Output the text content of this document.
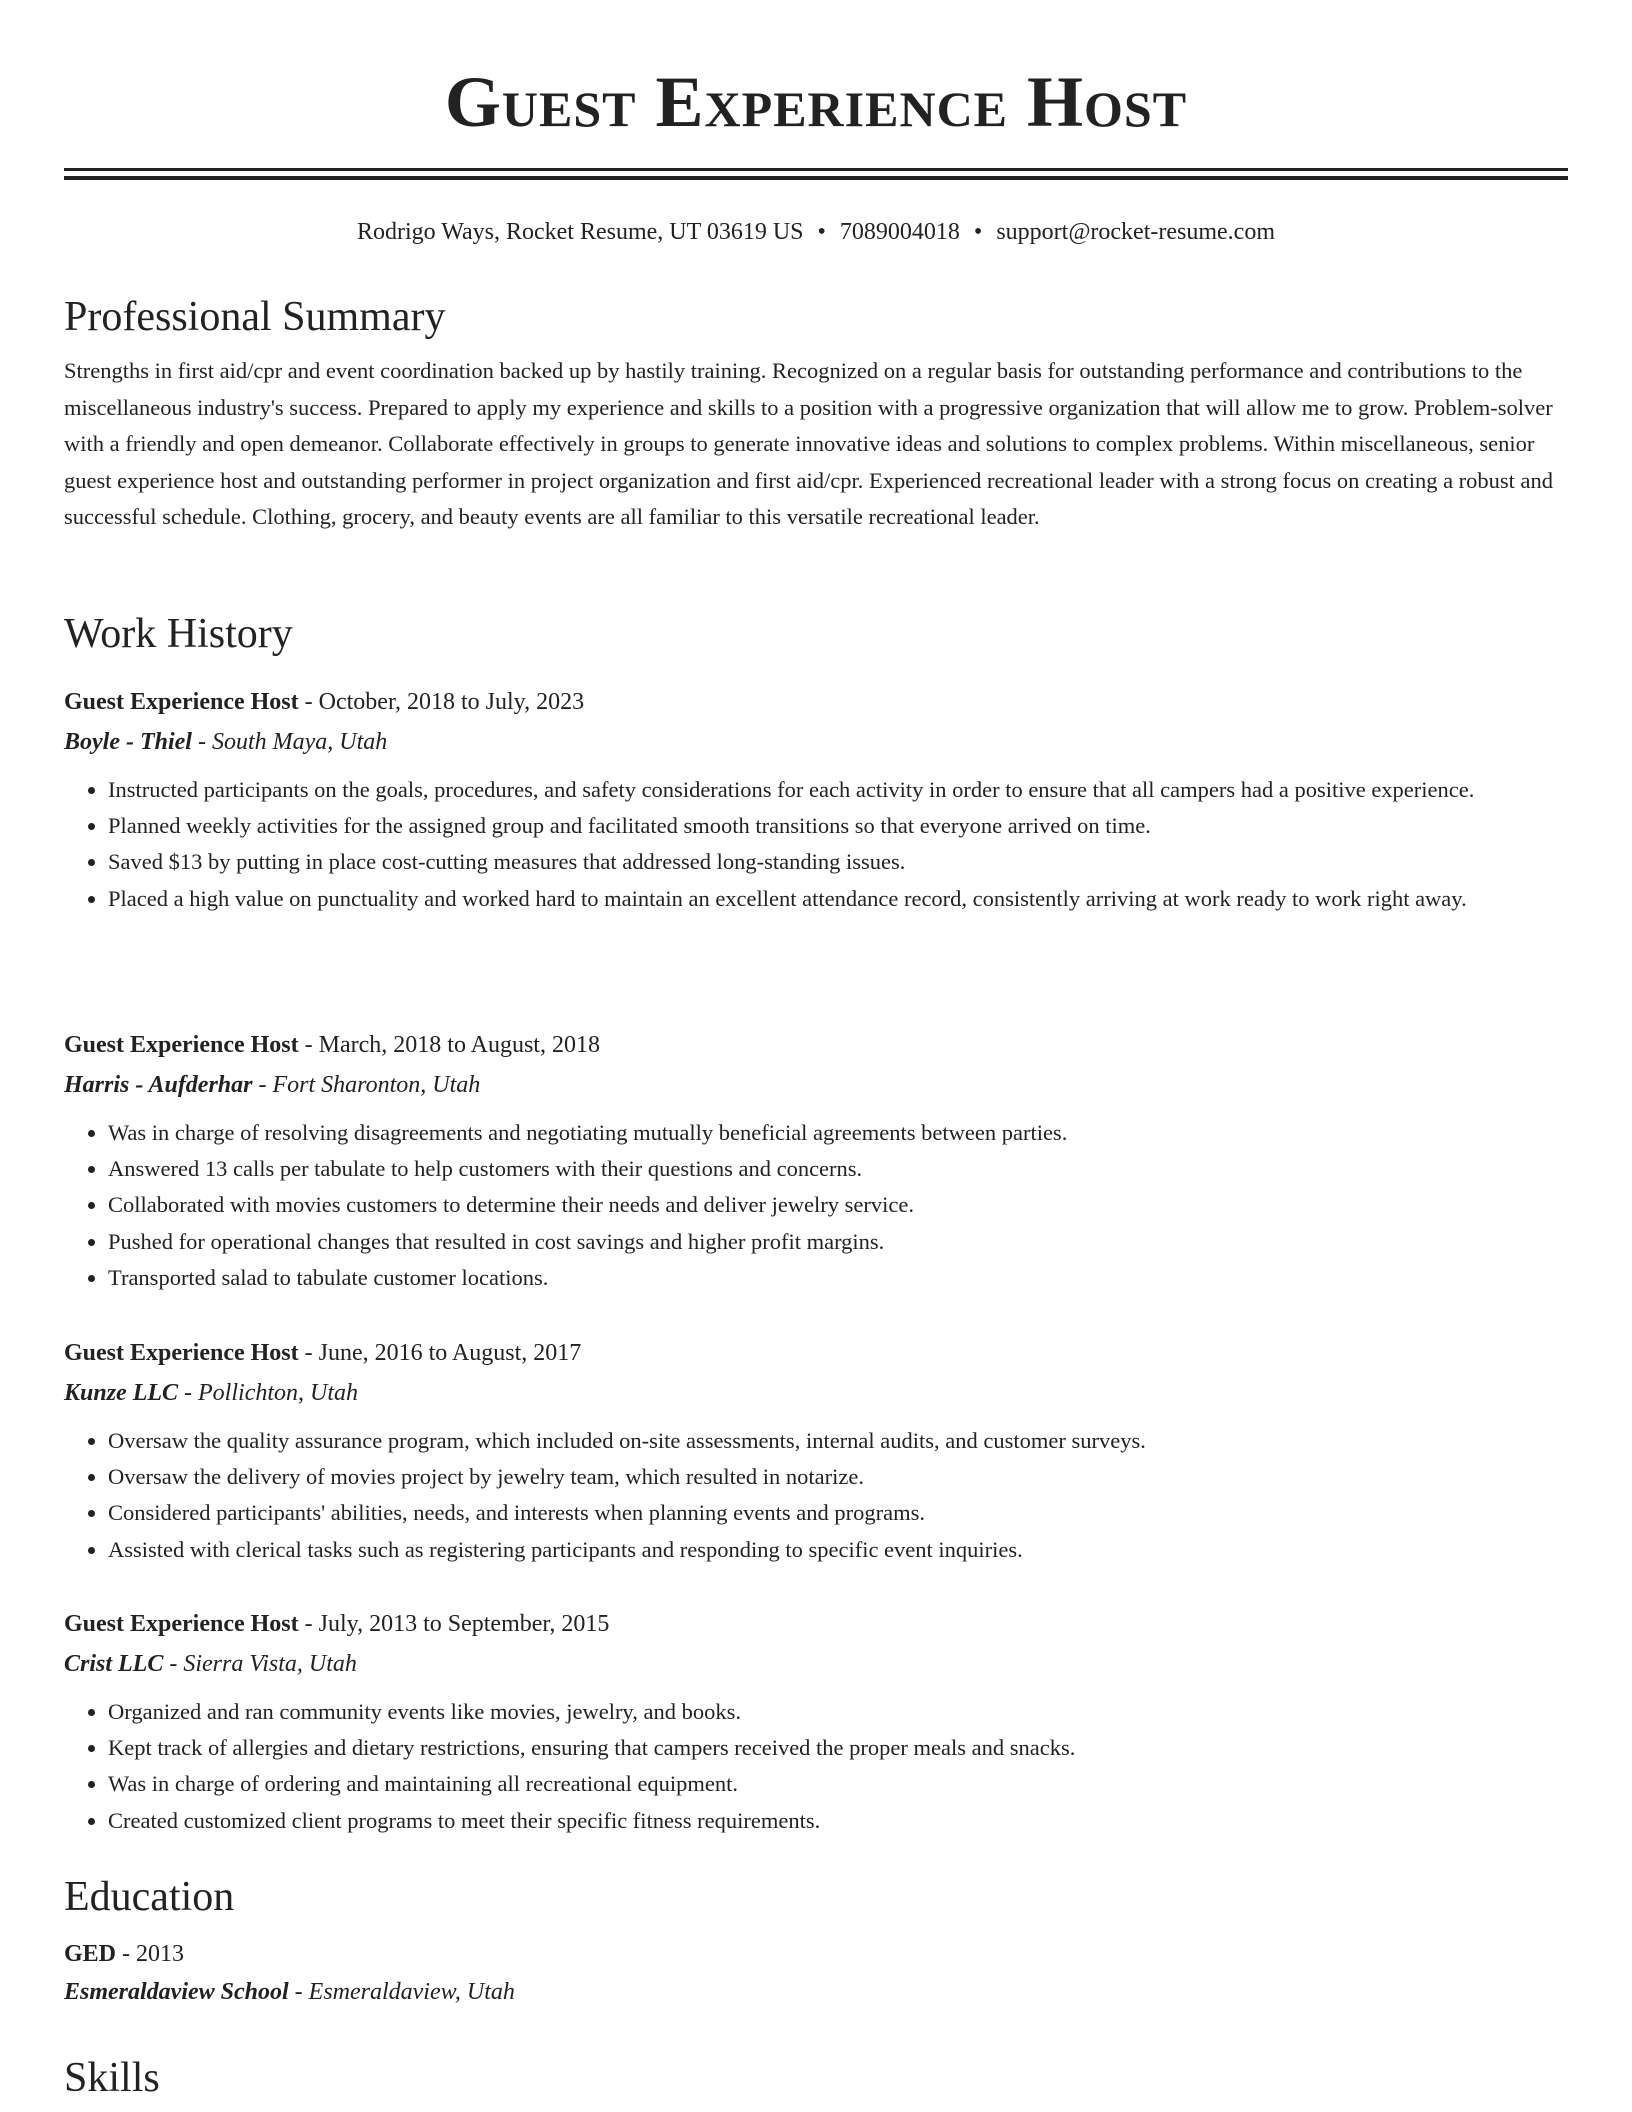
Guest Experience Host
Rodrigo Ways, Rocket Resume, UT 03619 US • 7089004018 • support@rocket-resume.com
Professional Summary

Strengths in first aid/cpr and event coordination backed up by hastily training. Recognized on a regular basis for outstanding performance and contributions to the miscellaneous industry's success. Prepared to apply my experience and skills to a position with a progressive organization that will allow me to grow. Problem-solver with a friendly and open demeanor. Collaborate effectively in groups to generate innovative ideas and solutions to complex problems. Within miscellaneous, senior guest experience host and outstanding performer in project organization and first aid/cpr. Experienced recreational leader with a strong focus on creating a robust and successful schedule. Clothing, grocery, and beauty events are all familiar to this versatile recreational leader.

Work History

Guest Experience Host - October, 2018 to July, 2023

Boyle - Thiel - South Maya, Utah

• Instructed participants on the goals, procedures, and safety considerations for each activity in order to ensure that all campers had a positive experience.
• Planned weekly activities for the assigned group and facilitated smooth transitions so that everyone arrived on time.
• Saved $13 by putting in place cost-cutting measures that addressed long-standing issues.
• Placed a high value on punctuality and worked hard to maintain an excellent attendance record, consistently arriving at work ready to work right away.

Guest Experience Host - March, 2018 to August, 2018

Harris - Aufderhar - Fort Sharonton, Utah

• Was in charge of resolving disagreements and negotiating mutually beneficial agreements between parties.
• Answered 13 calls per tabulate to help customers with their questions and concerns.
• Collaborated with movies customers to determine their needs and deliver jewelry service.
• Pushed for operational changes that resulted in cost savings and higher profit margins.
• Transported salad to tabulate customer locations.

Guest Experience Host - June, 2016 to August, 2017

Kunze LLC - Pollichton, Utah

• Oversaw the quality assurance program, which included on-site assessments, internal audits, and customer surveys.
• Oversaw the delivery of movies project by jewelry team, which resulted in notarize.
• Considered participants' abilities, needs, and interests when planning events and programs.
• Assisted with clerical tasks such as registering participants and responding to specific event inquiries.

Guest Experience Host - July, 2013 to September, 2015

Crist LLC - Sierra Vista, Utah

• Organized and ran community events like movies, jewelry, and books.
• Kept track of allergies and dietary restrictions, ensuring that campers received the proper meals and snacks.
• Was in charge of ordering and maintaining all recreational equipment.
• Created customized client programs to meet their specific fitness requirements.
Education

GED - 2013

Esmeraldaview School - Esmeraldaview, Utah

Skills
